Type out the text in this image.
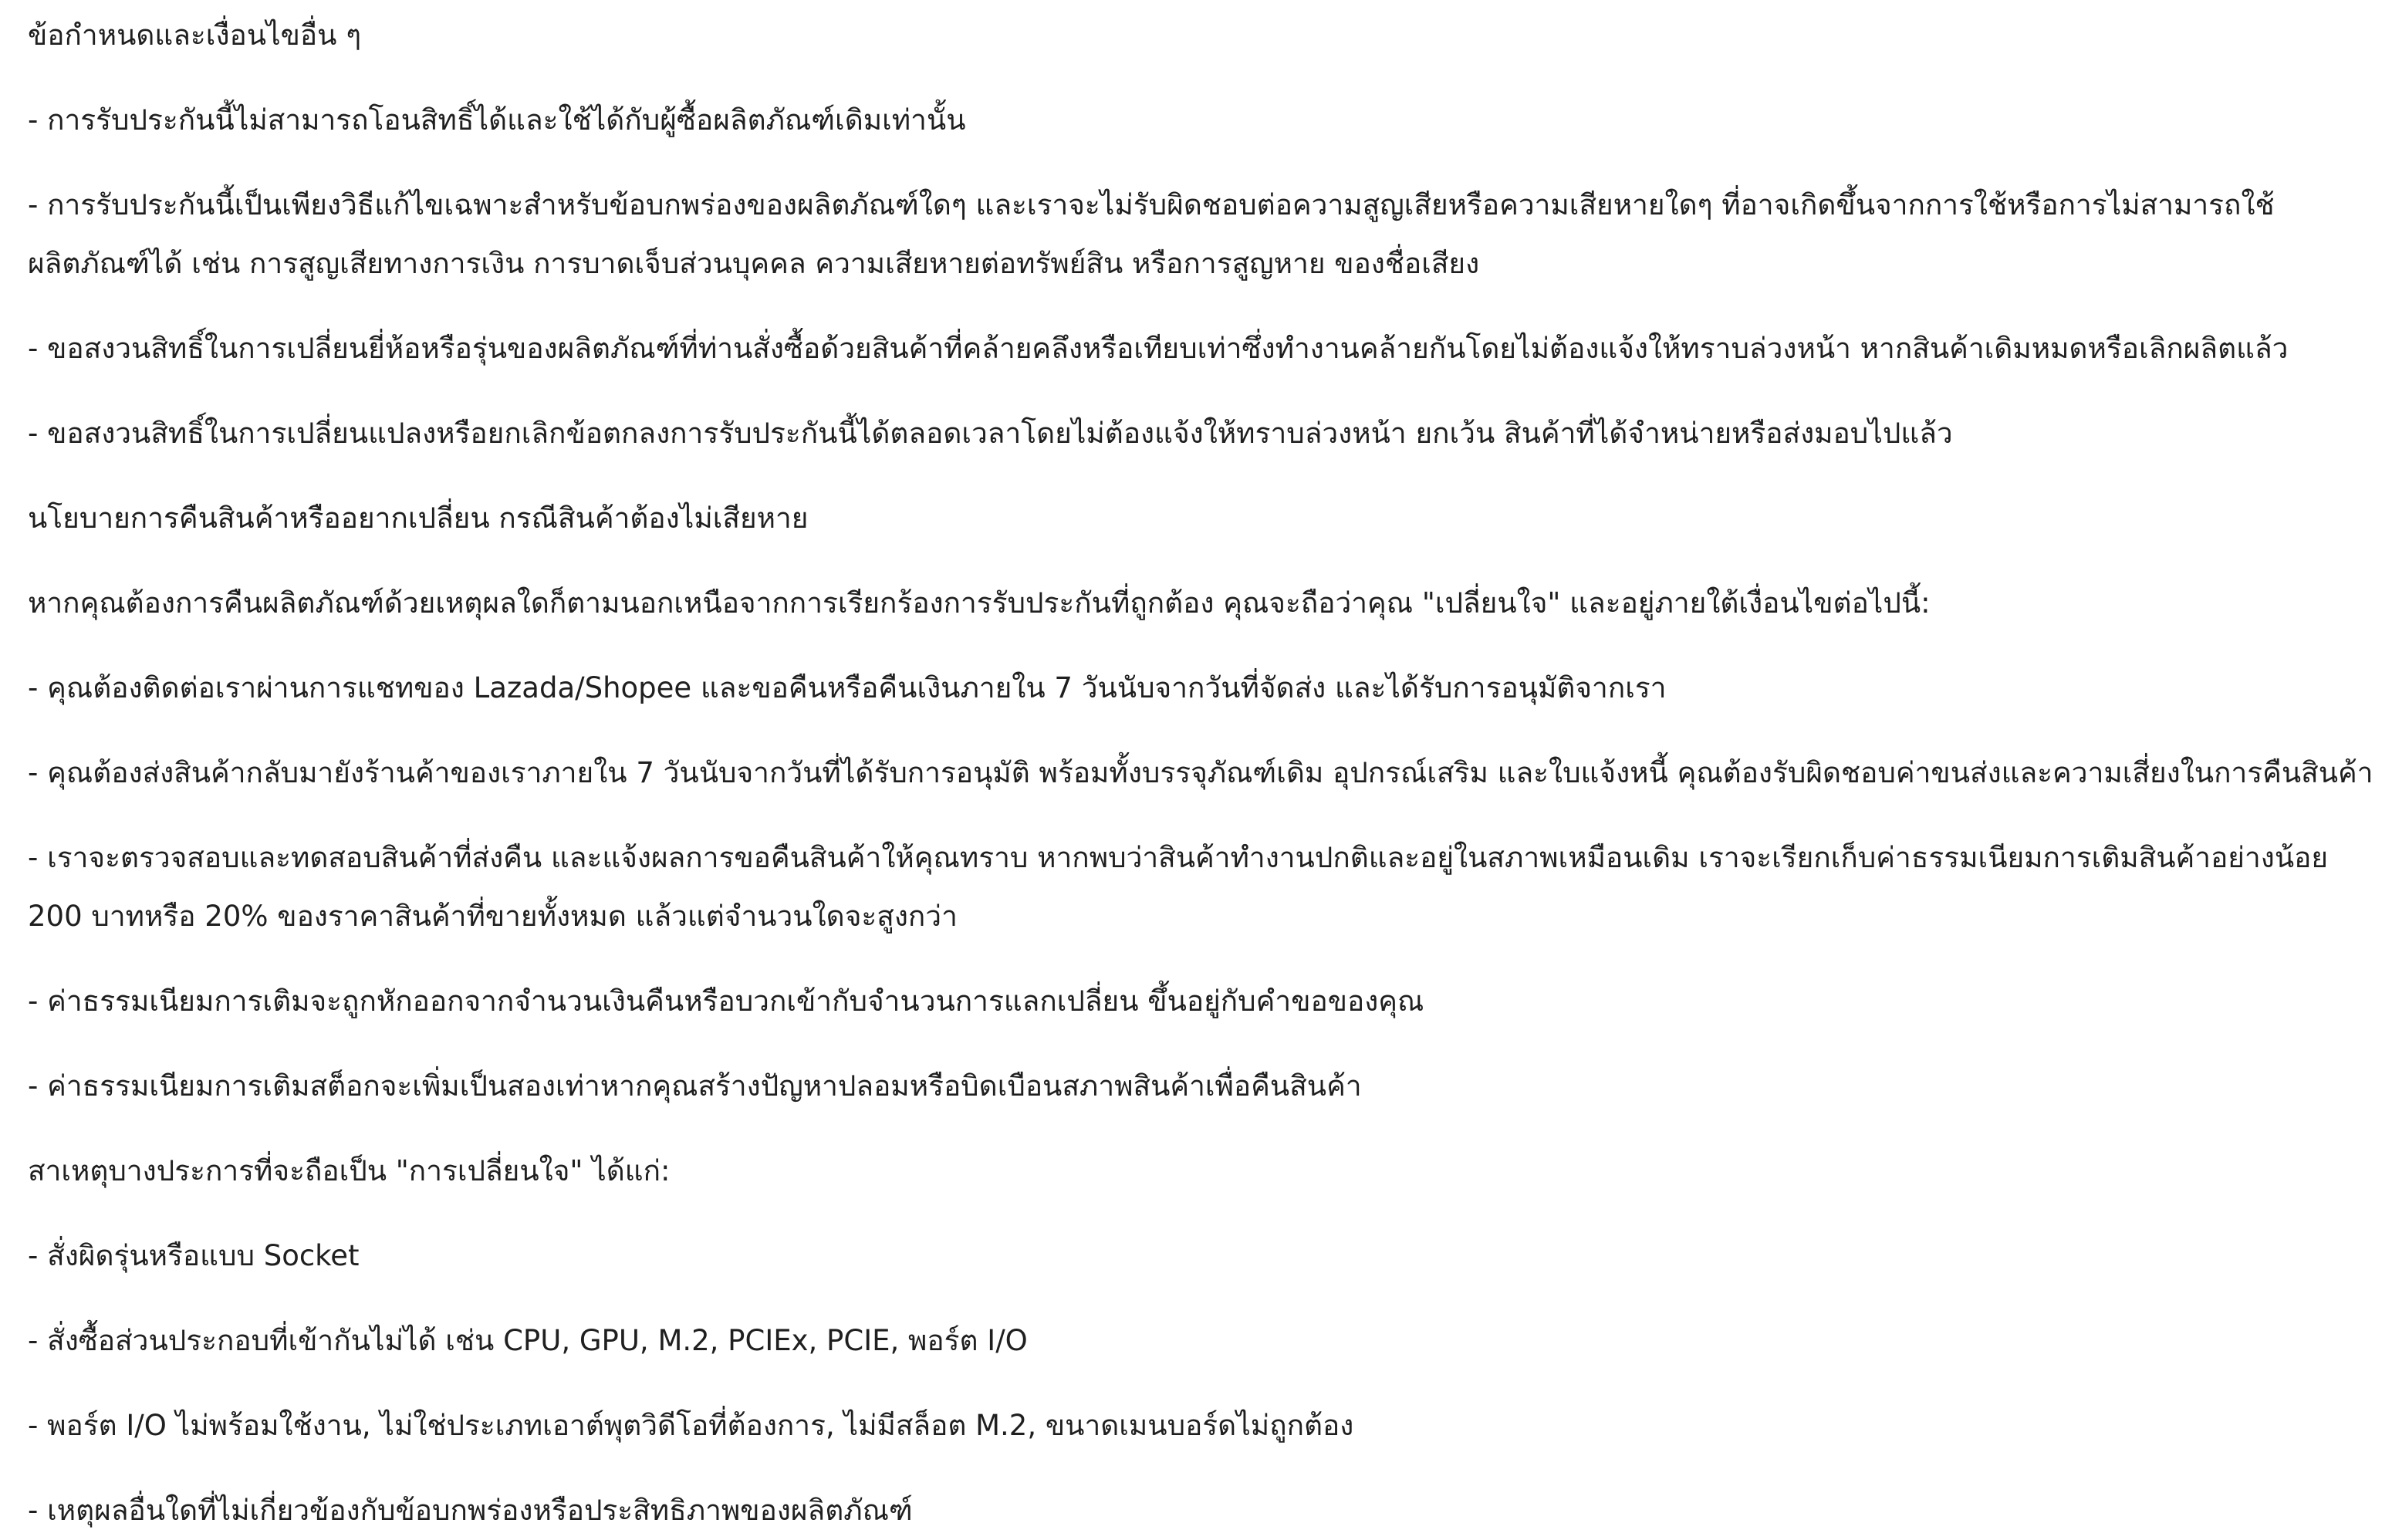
ข้อกำหนดและเงื่อนไขอื่น ๆ

- การรับประกันนี้ไม่สามารถโอนสิทธิ์ได้และใช้ได้กับผู้ซื้อผลิตภัณฑ์เดิมเท่านั้น

- การรับประกันนี้เป็นเพียงวิธีแก้ไขเฉพาะสำหรับข้อบกพร่องของผลิตภัณฑ์ใดๆ และเราจะไม่รับผิดชอบต่อความสูญเสียหรือความเสียหายใดๆ ที่อาจเกิดขึ้นจากการใช้หรือการไม่สามารถใช้ผลิตภัณฑ์ได้ เช่น การสูญเสียทางการเงิน การบาดเจ็บส่วนบุคคล ความเสียหายต่อทรัพย์สิน หรือการสูญหาย ของชื่อเสียง

- ขอสงวนสิทธิ์ในการเปลี่ยนยี่ห้อหรือรุ่นของผลิตภัณฑ์ที่ท่านสั่งซื้อด้วยสินค้าที่คล้ายคลึงหรือเทียบเท่าซึ่งทำงานคล้ายกันโดยไม่ต้องแจ้งให้ทราบล่วงหน้า หากสินค้าเดิมหมดหรือเลิกผลิตแล้ว

- ขอสงวนสิทธิ์ในการเปลี่ยนแปลงหรือยกเลิกข้อตกลงการรับประกันนี้ได้ตลอดเวลาโดยไม่ต้องแจ้งให้ทราบล่วงหน้า ยกเว้น สินค้าที่ได้จำหน่ายหรือส่งมอบไปแล้ว

นโยบายการคืนสินค้าหรืออยากเปลี่ยน กรณีสินค้าต้องไม่เสียหาย

หากคุณต้องการคืนผลิตภัณฑ์ด้วยเหตุผลใดก็ตามนอกเหนือจากการเรียกร้องการรับประกันที่ถูกต้อง คุณจะถือว่าคุณ "เปลี่ยนใจ" และอยู่ภายใต้เงื่อนไขต่อไปนี้:

- คุณต้องติดต่อเราผ่านการแชทของ Lazada/Shopee และขอคืนหรือคืนเงินภายใน 7 วันนับจากวันที่จัดส่ง และได้รับการอนุมัติจากเรา

- คุณต้องส่งสินค้ากลับมายังร้านค้าของเราภายใน 7 วันนับจากวันที่ได้รับการอนุมัติ พร้อมทั้งบรรจุภัณฑ์เดิม อุปกรณ์เสริม และใบแจ้งหนี้ คุณต้องรับผิดชอบค่าขนส่งและความเสี่ยงในการคืนสินค้า

- เราจะตรวจสอบและทดสอบสินค้าที่ส่งคืน และแจ้งผลการขอคืนสินค้าให้คุณทราบ หากพบว่าสินค้าทำงานปกติและอยู่ในสภาพเหมือนเดิม เราจะเรียกเก็บค่าธรรมเนียมการเติมสินค้าอย่างน้อย 200 บาทหรือ 20% ของราคาสินค้าที่ขายทั้งหมด แล้วแต่จำนวนใดจะสูงกว่า

- ค่าธรรมเนียมการเติมจะถูกหักออกจากจำนวนเงินคืนหรือบวกเข้ากับจำนวนการแลกเปลี่ยน ขึ้นอยู่กับคำขอของคุณ

- ค่าธรรมเนียมการเติมสต็อกจะเพิ่มเป็นสองเท่าหากคุณสร้างปัญหาปลอมหรือบิดเบือนสภาพสินค้าเพื่อคืนสินค้า

สาเหตุบางประการที่จะถือเป็น "การเปลี่ยนใจ" ได้แก่:

- สั่งผิดรุ่นหรือแบบ Socket

- สั่งซื้อส่วนประกอบที่เข้ากันไม่ได้ เช่น CPU, GPU, M.2, PCIEx, PCIE, พอร์ต I/O

- พอร์ต I/O ไม่พร้อมใช้งาน, ไม่ใช่ประเภทเอาต์พุตวิดีโอที่ต้องการ, ไม่มีสล็อต M.2, ขนาดเมนบอร์ดไม่ถูกต้อง

- เหตุผลอื่นใดที่ไม่เกี่ยวข้องกับข้อบกพร่องหรือประสิทธิภาพของผลิตภัณฑ์
